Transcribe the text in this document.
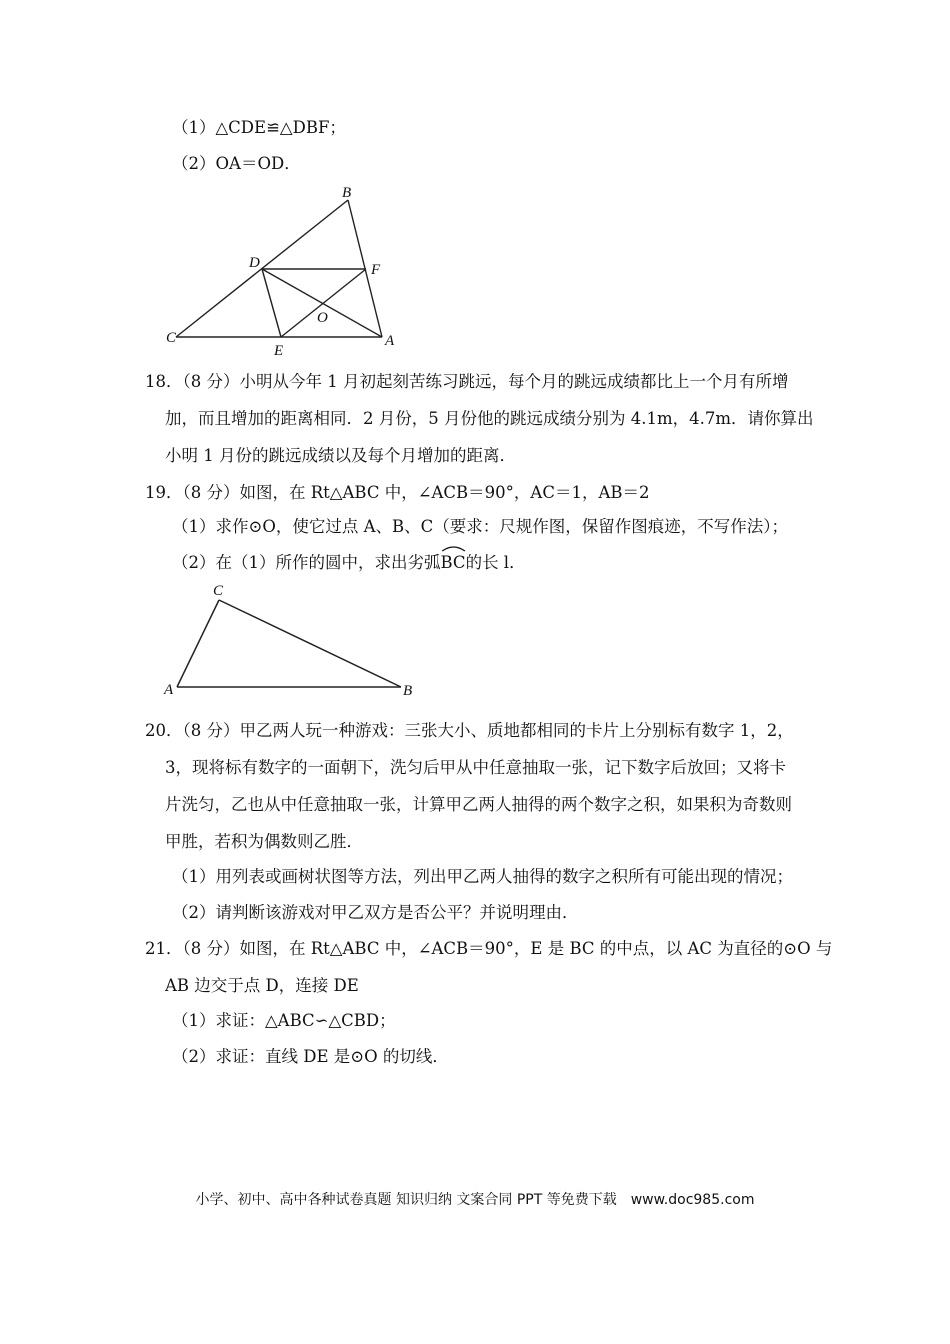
（1）△CDE≌△DBF；
（2）OA＝OD．
B
D	F
O
C
E
A
18．（8 分）小明从今年 1 月初起刻苦练习跳远，每个月的跳远成绩都比上一个月有所增
加，而且增加的距离相同．2 月份，5 月份他的跳远成绩分别为 4.1m，4.7m．请你算出
小明 1 月份的跳远成绩以及每个月增加的距离．
19．（8 分）如图，在 Rt△ABC 中，∠ACB＝90°，AC＝1，AB＝2
（1）求作⊙O，使它过点 A、B、C（要求：尺规作图，保留作图痕迹，不写作法）；
（2）在（1）所作的圆中，求出劣弧
BC的长 l．
C
A	B
20．（8 分）甲乙两人玩一种游戏：三张大小、质地都相同的卡片上分别标有数字 1，2，
3，现将标有数字的一面朝下，洗匀后甲从中任意抽取一张，记下数字后放回；又将卡
片洗匀，乙也从中任意抽取一张，计算甲乙两人抽得的两个数字之积，如果积为奇数则
甲胜，若积为偶数则乙胜．
（1）用列表或画树状图等方法，列出甲乙两人抽得的数字之积所有可能出现的情况；
（2）请判断该游戏对甲乙双方是否公平？并说明理由．
21．（8 分）如图，在 Rt△ABC 中，∠ACB＝90°，E 是 BC 的中点，以 AC 为直径的⊙O 与
AB 边交于点 D，连接 DE
（1）求证：△ABC∽△CBD；
（2）求证：直线 DE 是⊙O 的切线．
小学、初中、高中各种试卷真题 知识归纳 文案合同 PPT 等免费下载　www.doc985.com
